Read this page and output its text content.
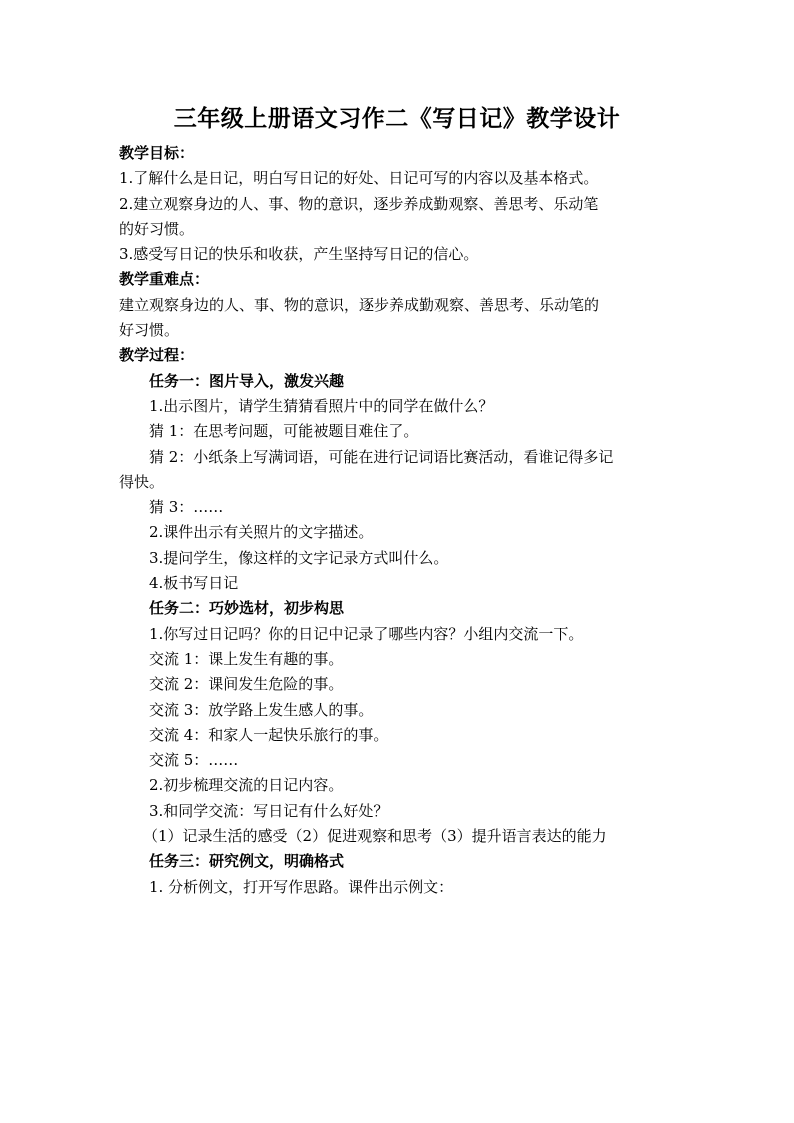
三年级上册语文习作二《写日记》教学设计
教学目标：
1.了解什么是日记，明白写日记的好处、日记可写的内容以及基本格式。
2.建立观察身边的人、事、物的意识，逐步养成勤观察、善思考、乐动笔
的好习惯。
3.感受写日记的快乐和收获，产生坚持写日记的信心。
教学重难点：
建立观察身边的人、事、物的意识，逐步养成勤观察、善思考、乐动笔的
好习惯。
教学过程：
任务一：图片导入，激发兴趣
1.出示图片，请学生猜猜看照片中的同学在做什么？
猜 1：在思考问题，可能被题目难住了。
猜 2：小纸条上写满词语，可能在进行记词语比赛活动，看谁记得多记
得快。
猜 3：……
2.课件出示有关照片的文字描述。
3.提问学生，像这样的文字记录方式叫什么。
4.板书写日记
任务二：巧妙选材，初步构思
1.你写过日记吗？你的日记中记录了哪些内容？小组内交流一下。
交流 1：课上发生有趣的事。
交流 2：课间发生危险的事。
交流 3：放学路上发生感人的事。
交流 4：和家人一起快乐旅行的事。
交流 5：……
2.初步梳理交流的日记内容。
3.和同学交流：写日记有什么好处？
（1）记录生活的感受（2）促进观察和思考（3）提升语言表达的能力
任务三：研究例文，明确格式
1. 分析例文，打开写作思路。课件出示例文：
